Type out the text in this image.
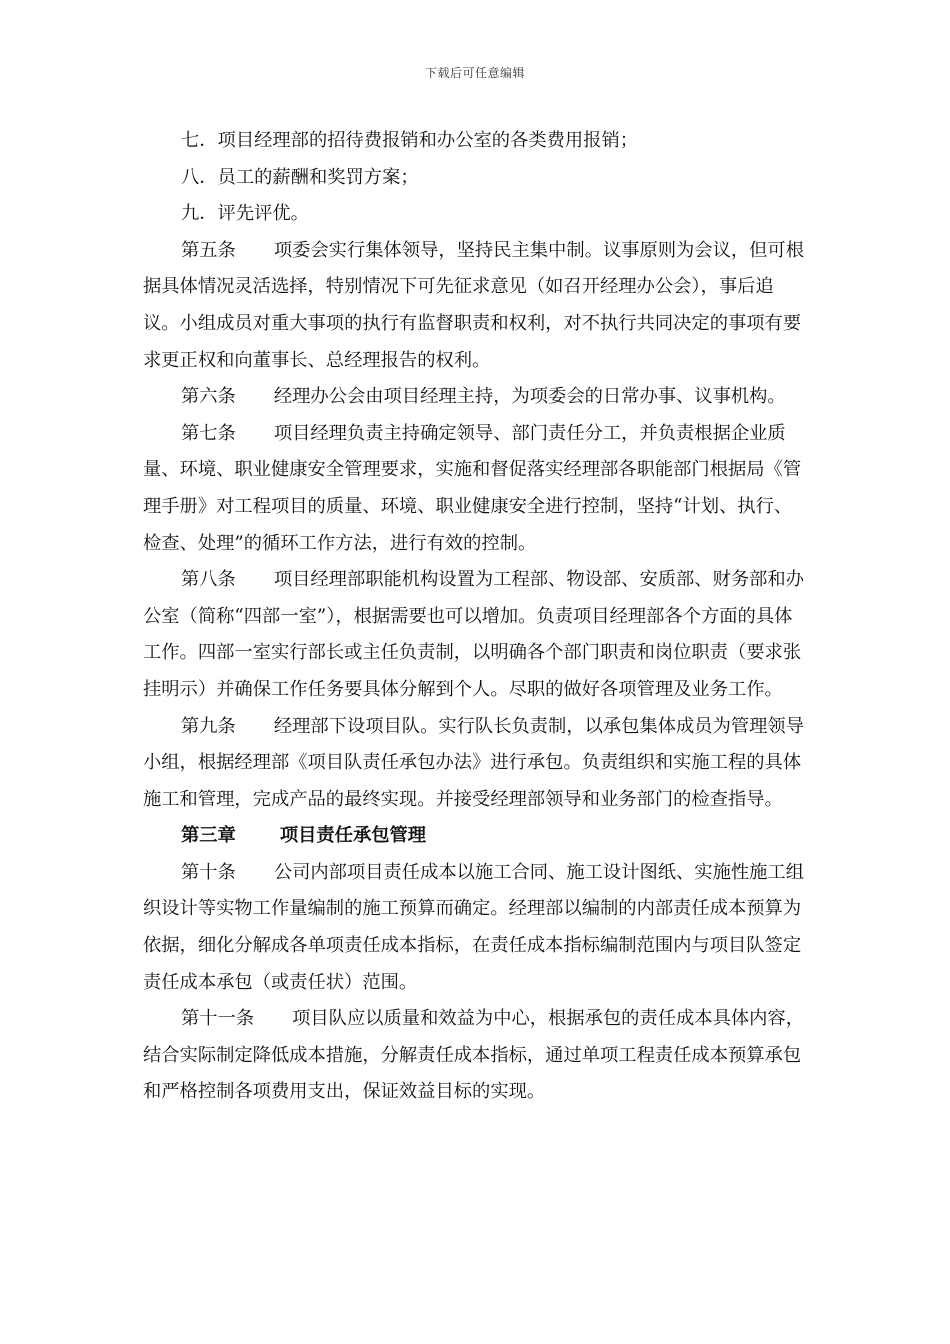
下载后可任意编辑

七．项目经理部的招待费报销和办公室的各类费用报销；

八．员工的薪酬和奖罚方案；

九．评先评优。

第五条 项委会实行集体领导，坚持民主集中制。议事原则为会议，但可根据具体情况灵活选择，特别情况下可先征求意见（如召开经理办公会），事后追议。小组成员对重大事项的执行有监督职责和权利，对不执行共同决定的事项有要求更正权和向董事长、总经理报告的权利。

第六条 经理办公会由项目经理主持，为项委会的日常办事、议事机构。

第七条 项目经理负责主持确定领导、部门责任分工，并负责根据企业质量、环境、职业健康安全管理要求，实施和督促落实经理部各职能部门根据局《管理手册》对工程项目的质量、环境、职业健康安全进行控制，坚持“计划、执行、检查、处理”的循环工作方法，进行有效的控制。

第八条 项目经理部职能机构设置为工程部、物设部、安质部、财务部和办公室（简称“四部一室”），根据需要也可以增加。负责项目经理部各个方面的具体工作。四部一室实行部长或主任负责制，以明确各个部门职责和岗位职责（要求张挂明示）并确保工作任务要具体分解到个人。尽职的做好各项管理及业务工作。

第九条 经理部下设项目队。实行队长负责制，以承包集体成员为管理领导小组，根据经理部《项目队责任承包办法》进行承包。负责组织和实施工程的具体施工和管理，完成产品的最终实现。并接受经理部领导和业务部门的检查指导。

第三章 项目责任承包管理

第十条 公司内部项目责任成本以施工合同、施工设计图纸、实施性施工组织设计等实物工作量编制的施工预算而确定。经理部以编制的内部责任成本预算为依据，细化分解成各单项责任成本指标，在责任成本指标编制范围内与项目队签定责任成本承包（或责任状）范围。

第十一条 项目队应以质量和效益为中心，根据承包的责任成本具体内容，结合实际制定降低成本措施，分解责任成本指标，通过单项工程责任成本预算承包和严格控制各项费用支出，保证效益目标的实现。
